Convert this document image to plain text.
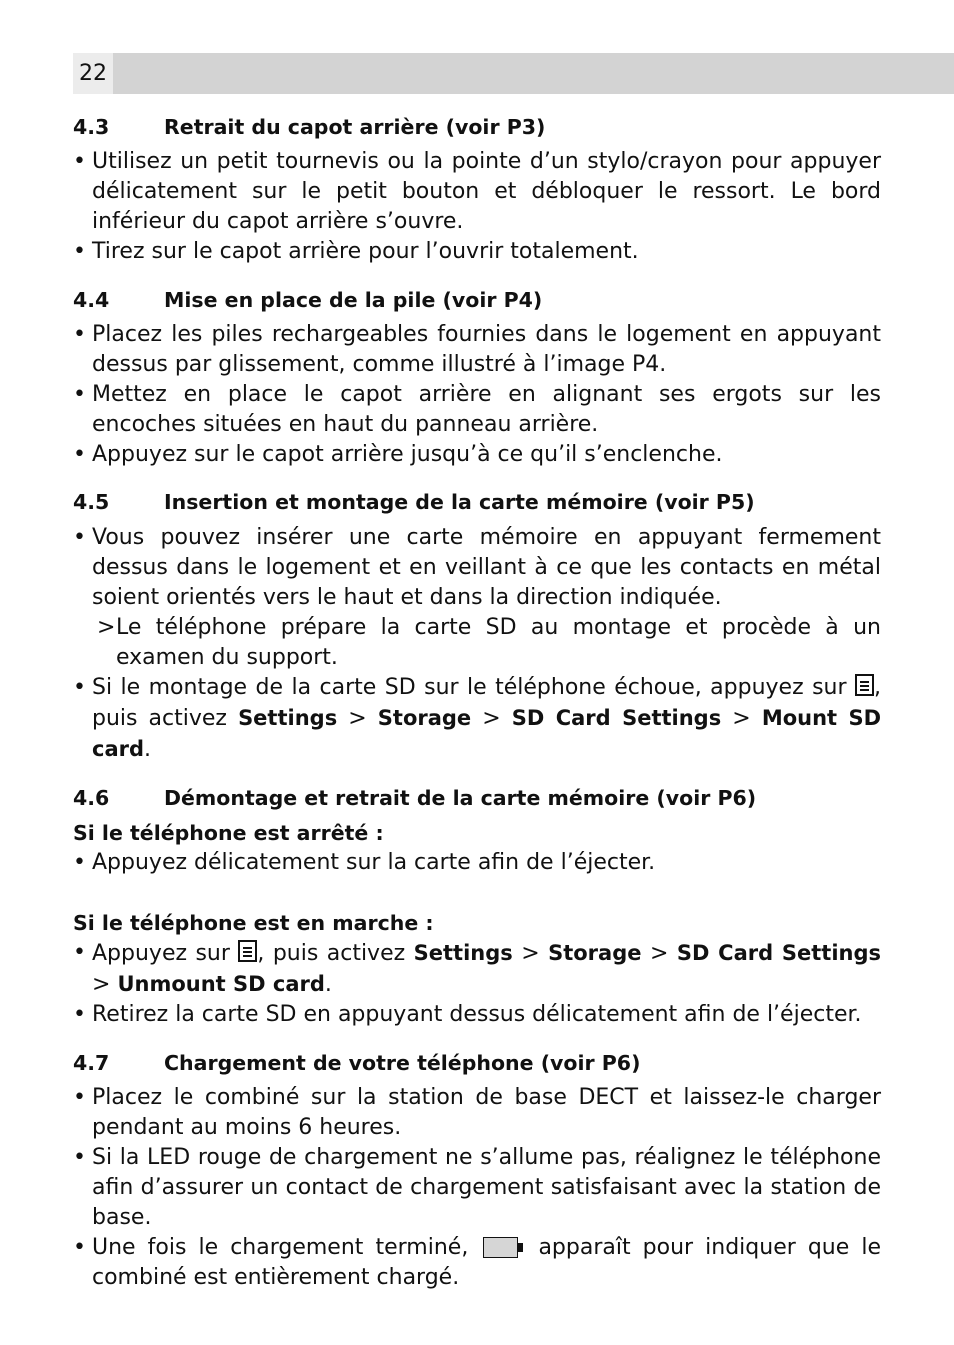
22
4.3	Retrait du capot arrière (voir P3)

• Utilisez un petit tournevis ou la pointe d’un stylo/crayon pour appuyer délicatement sur le petit bouton et débloquer le ressort. Le bord inférieur du capot arrière s’ouvre.

• Tirez sur le capot arrière pour l’ouvrir totalement.

4.4	Mise en place de la pile (voir P4)

• Placez les piles rechargeables fournies dans le logement en appuyant dessus par glissement, comme illustré à l’image P4.

• Mettez en place le capot arrière en alignant ses ergots sur les encoches situées en haut du panneau arrière.

• Appuyez sur le capot arrière jusqu’à ce qu’il s’enclenche.

4.5	Insertion et montage de la carte mémoire (voir P5)

• Vous pouvez insérer une carte mémoire en appuyant fermement dessus dans le logement et en veillant à ce que les contacts en métal soient orientés vers le haut et dans la direction indiquée.

> Le téléphone prépare la carte SD au montage et procède à un examen du support.

• Si le montage de la carte SD sur le téléphone échoue, appuyez sur , puis activez Settings > Storage > SD Card Settings > Mount SD card.

4.6	Démontage et retrait de la carte mémoire (voir P6)

Si le téléphone est arrêté :

• Appuyez délicatement sur la carte afin de l’éjecter.

Si le téléphone est en marche :

• Appuyez sur
, puis activez Settings > Storage > SD Card Settings > Unmount SD card.

• Retirez la carte SD en appuyant dessus délicatement afin de l’éjecter.

4.7	Chargement de votre téléphone (voir P6)

• Placez le combiné sur la station de base DECT et laissez-le charger pendant au moins 6 heures.

• Si la LED rouge de chargement ne s’allume pas, réalignez le téléphone afin d’assurer un contact de chargement satisfaisant avec la station de base.

• Une fois le chargement terminé,
apparaît pour indiquer que le combiné est entièrement chargé.
